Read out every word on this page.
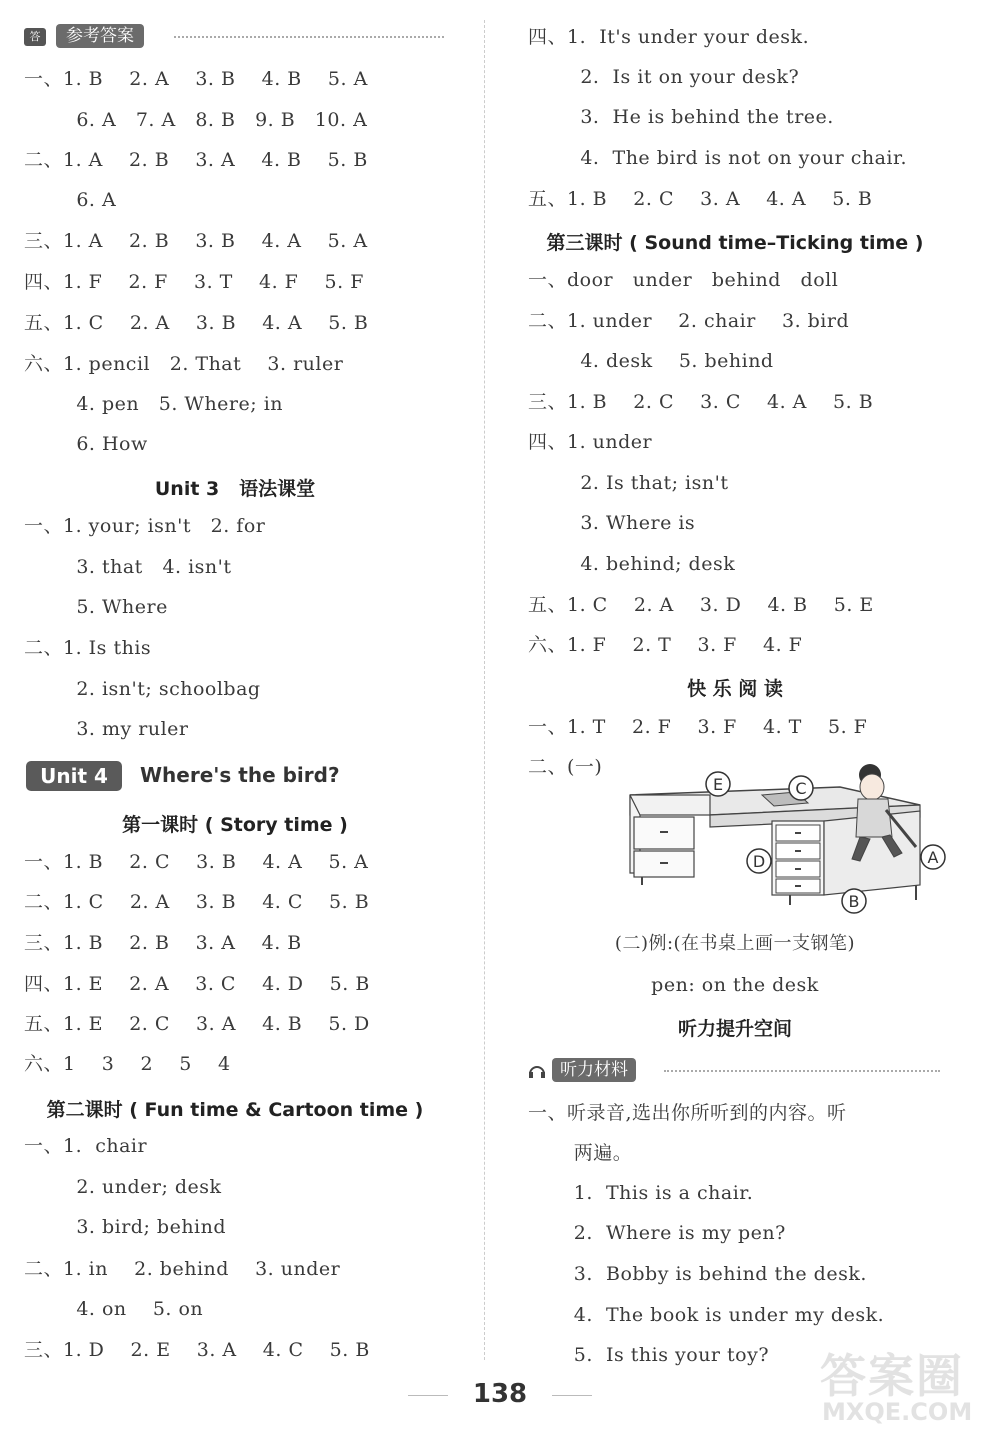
答	参考答案
一、1. B    2. A    3. B    4. B    5. A
6. A   7. A   8. B   9. B   10. A
二、1. A    2. B    3. A    4. B    5. B
6. A
三、1. A    2. B    3. B    4. A    5. A
四、1. F    2. F    3. T    4. F    5. F
五、1. C    2. A    3. B    4. A    5. B
六、1. pencil   2. That    3. ruler
4. pen   5. Where; in
6. How
一、1. your; isn't   2. for
3. that   4. isn't
5. Where
二、1. Is this
2. isn't; schoolbag
3. my ruler
一、1. B    2. C    3. B    4. A    5. A
二、1. C    2. A    3. B    4. C    5. B
三、1. B    2. B    3. A    4. B
四、1. E    2. A    3. C    4. D    5. B
五、1. E    2. C    3. A    4. B    5. D
六、1    3    2    5    4
一、1.  chair
2. under; desk
3. bird; behind
二、1. in    2. behind    3. under
4. on    5. on
三、1. D    2. E    3. A    4. C    5. B
Unit 3   语法课堂
第一课时 ( Story time )
第二课时 ( Fun time & Cartoon time )
Unit 4	Where's the bird?
四、1.  It's under your desk.
2.  Is it on your desk?
3.  He is behind the tree.
4.  The bird is not on your chair.
五、1. B    2. C    3. A    4. A    5. B
一、door   under   behind   doll
二、1. under    2. chair    3. bird
4. desk    5. behind
三、1. B    2. C    3. C    4. A    5. B
四、1. under
2. Is that; isn't
3. Where is
4. behind; desk
五、1. C    2. A    3. D    4. B    5. E
六、1. F    2. T    3. F    4. F
一、1. T    2. F    3. F    4. T    5. F
二、(一)
一、听录音,选出你所听到的内容。听
两遍。
1.  This is a chair.
2.  Where is my pen?
3.  Bobby is behind the desk.
4.  The book is under my desk.
5.  Is this your toy?
第三课时 ( Sound time–Ticking time )
快 乐 阅 读
听力提升空间
E	C
D	A
B
(二)例:(在书桌上画一支钢笔)
pen: on the desk
听力材料
138	答案圈
MXQE.COM
